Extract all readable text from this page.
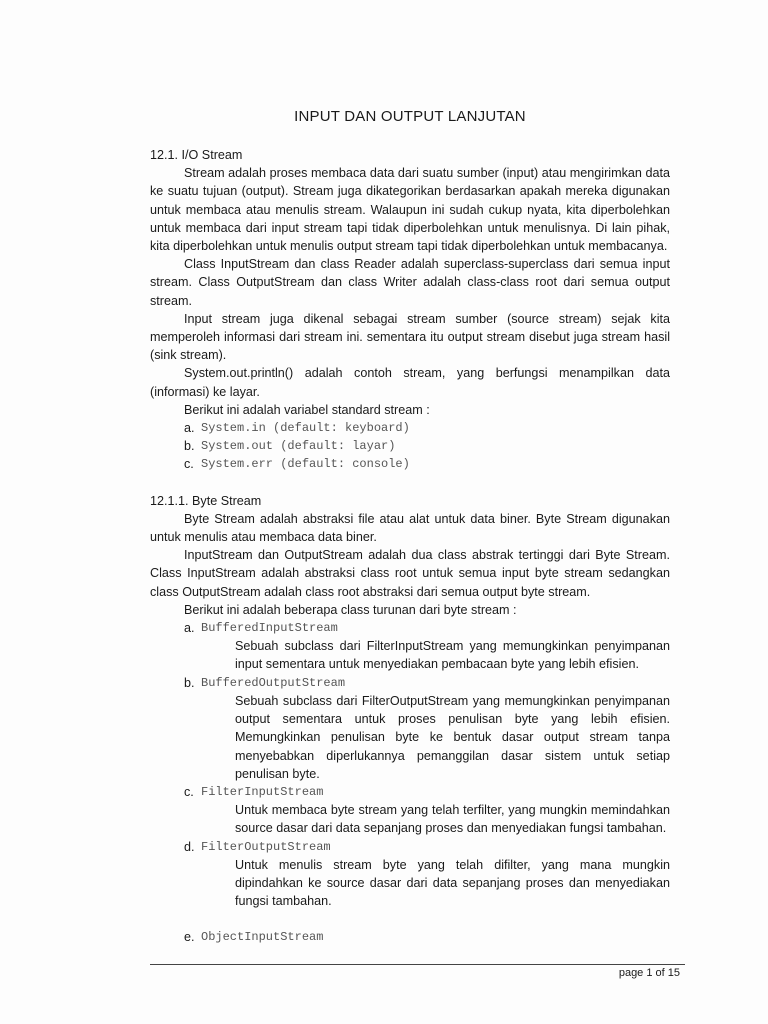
INPUT DAN OUTPUT LANJUTAN

12.1. I/O Stream

Stream adalah proses membaca data dari suatu sumber (input) atau mengirimkan data ke suatu tujuan (output). Stream juga dikategorikan berdasarkan apakah mereka digunakan untuk membaca atau menulis stream. Walaupun ini sudah cukup nyata, kita diperbolehkan untuk membaca dari input stream tapi tidak diperbolehkan untuk menulisnya. Di lain pihak, kita diperbolehkan untuk menulis output stream tapi tidak diperbolehkan untuk membacanya.

Class InputStream dan class Reader adalah superclass-superclass dari semua input stream. Class OutputStream dan class Writer adalah class-class root dari semua output stream.

Input stream juga dikenal sebagai stream sumber (source stream) sejak kita memperoleh informasi dari stream ini. sementara itu output stream disebut juga stream hasil (sink stream).

System.out.println() adalah contoh stream, yang berfungsi menampilkan data (informasi) ke layar.

Berikut ini adalah variabel standard stream :

a. System.in (default: keyboard)
b. System.out (default: layar)
c. System.err (default: console)

12.1.1. Byte Stream

Byte Stream adalah abstraksi file atau alat untuk data biner. Byte Stream digunakan untuk menulis atau membaca data biner.

InputStream dan OutputStream adalah dua class abstrak tertinggi dari Byte Stream. Class InputStream adalah abstraksi class root untuk semua input byte stream sedangkan class OutputStream adalah class root abstraksi dari semua output byte stream.

Berikut ini adalah beberapa class turunan dari byte stream :

a. BufferedInputStream

Sebuah subclass dari FilterInputStream yang memungkinkan penyimpanan input sementara untuk menyediakan pembacaan byte yang lebih efisien.

b. BufferedOutputStream

Sebuah subclass dari FilterOutputStream yang memungkinkan penyimpanan output sementara untuk proses penulisan byte yang lebih efisien. Memungkinkan penulisan byte ke bentuk dasar output stream tanpa menyebabkan diperlukannya pemanggilan dasar sistem untuk setiap penulisan byte.

c. FilterInputStream

Untuk membaca byte stream yang telah terfilter, yang mungkin memindahkan source dasar dari data sepanjang proses dan menyediakan fungsi tambahan.

d. FilterOutputStream

Untuk menulis stream byte yang telah difilter, yang mana mungkin dipindahkan ke source dasar dari data sepanjang proses dan menyediakan fungsi tambahan.

e. ObjectInputStream
page 1 of 15
